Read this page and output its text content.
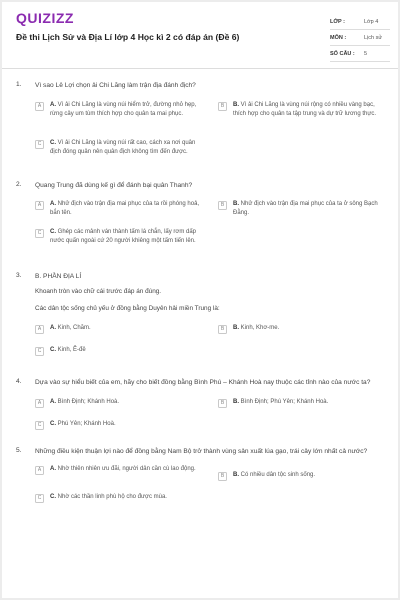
QUIZIZZ
Đề thi Lịch Sử và Địa Lí lớp 4 Học kì 2 có đáp án (Đề 6)
LỚP :	Lớp 4
MÔN :	Lịch sử
SỐ CÂU :	5
1. Vì sao Lê Lợi chọn ải Chi Lăng làm trận địa đánh địch?
A	A. Vì ải Chi Lăng là vùng núi hiểm trở, đường nhỏ hẹp, rừng cây um tùm thích hợp cho quân ta mai phục.
B	B. Vì ải Chi Lăng là vùng núi rộng có nhiều vàng bạc, thích hợp cho quân ta tập trung và dự trữ lương thực.
C	C. Vì ải Chi Lăng là vùng núi rất cao, cách xa nơi quân địch đóng quân nên quân địch không tìm đến được.
2. Quang Trung đã dùng kế gì để đánh bại quân Thanh?
A	A. Nhử địch vào trận địa mai phục của ta rồi phóng hoả, bắn tên.
B	B. Nhử địch vào trận địa mai phục của ta ở sông Bạch Đằng.
C	C. Ghép các mảnh ván thành tấm lá chắn, lấy rơm dấp nước quấn ngoài cứ 20 người khiêng một tấm tiến lên.
3. B. PHẦN ĐỊA LÍ
Khoanh tròn vào chữ cái trước đáp án đúng.
Các dân tộc sống chủ yếu ở đồng bằng Duyên hải miền Trung là:
A	A. Kinh, Chăm.	B	B. Kinh, Khơ-me.
C	C. Kinh, Ê-đê
4. Dựa vào sự hiểu biết của em, hãy cho biết đồng bằng Bình Phú – Khánh Hoà nay thuộc các tỉnh nào của nước ta?
A	A. Bình Định; Khánh Hoà.	B	B. Bình Định; Phú Yên; Khánh Hoà.
C	C. Phú Yên; Khánh Hoà.
5. Những điều kiện thuận lợi nào để đồng bằng Nam Bộ trở thành vùng sản xuất lúa gạo, trái cây lớn nhất cả nước?
A	A. Nhờ thiên nhiên ưu đãi, người dân cần cù lao động.
B	B. Có nhiều dân tộc sinh sống.
C	C. Nhờ các thần linh phù hộ cho được mùa.
